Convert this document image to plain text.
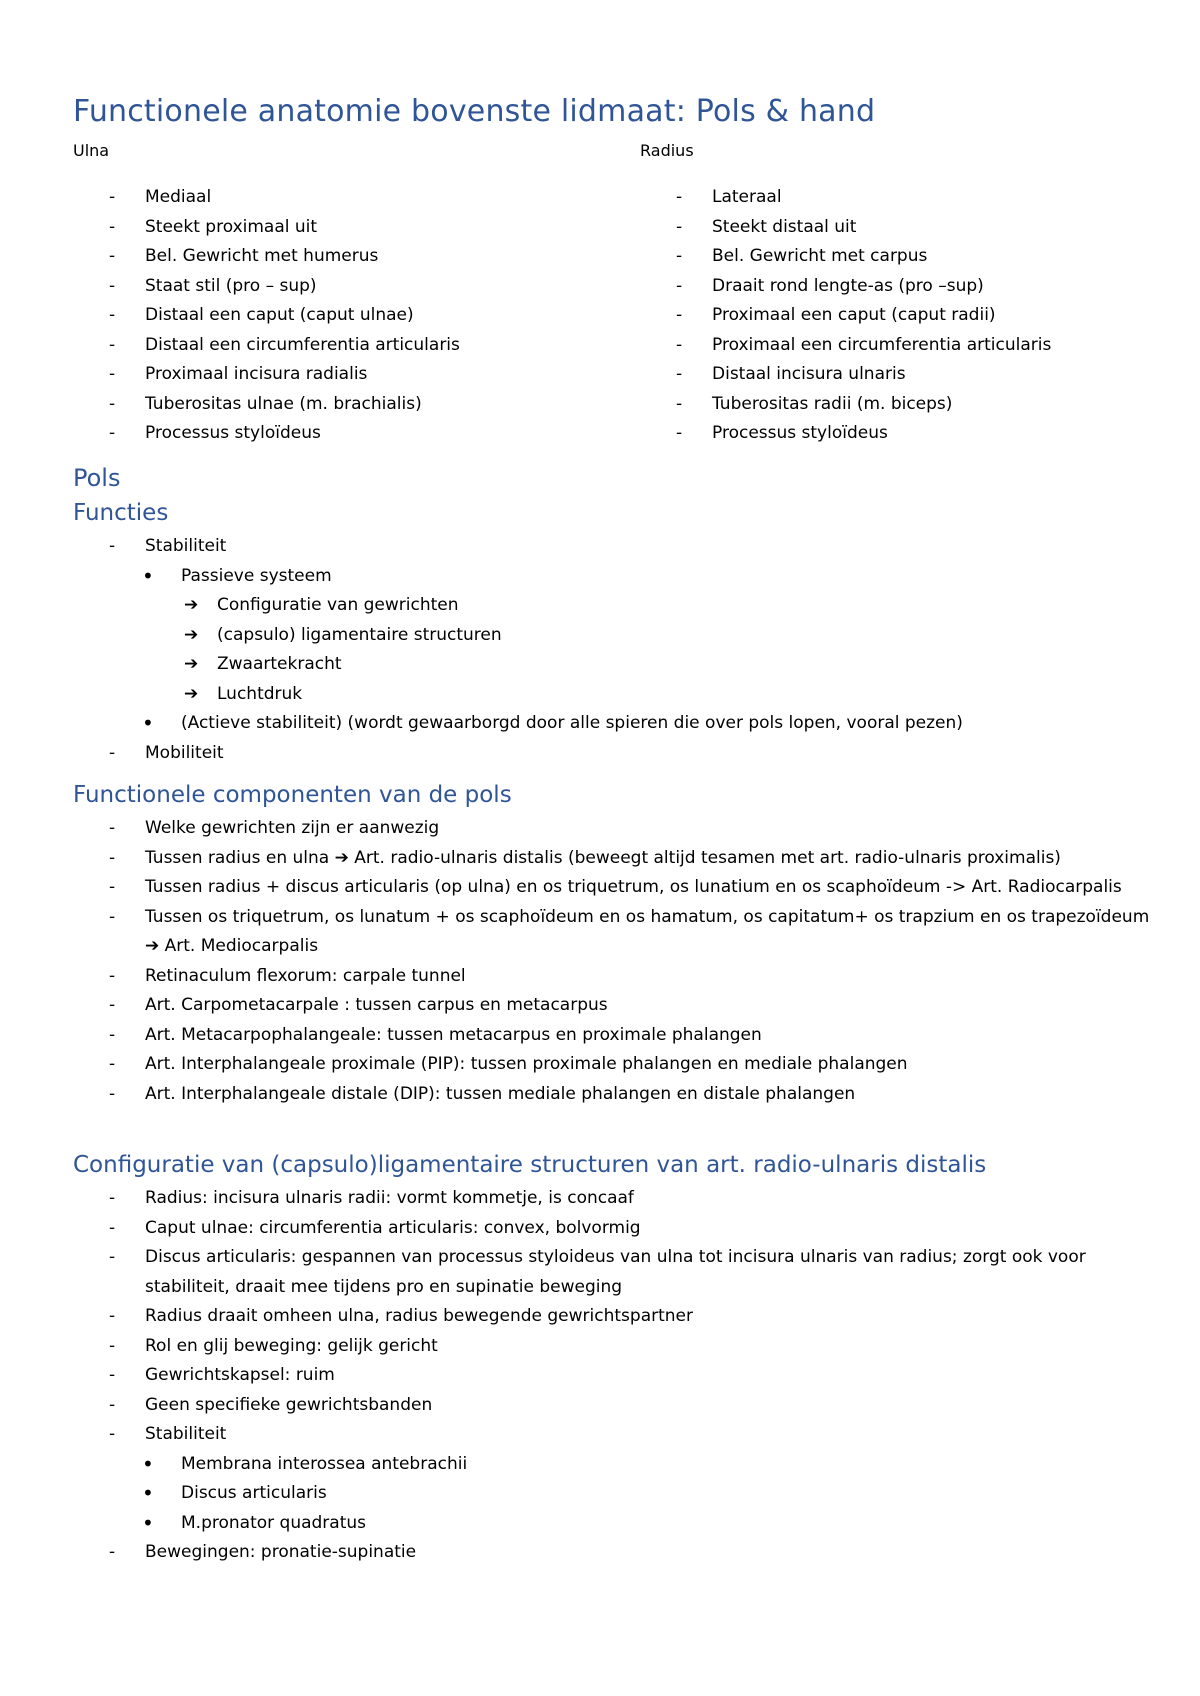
Functionele anatomie bovenste lidmaat: Pols & hand
Ulna	Radius
- Mediaal
- Steekt proximaal uit
- Bel. Gewricht met humerus
- Staat stil (pro – sup)
- Distaal een caput (caput ulnae)
- Distaal een circumferentia articularis
- Proximaal incisura radialis
- Tuberositas ulnae (m. brachialis)
- Processus styloïdeus
- Lateraal
- Steekt distaal uit
- Bel. Gewricht met carpus
- Draait rond lengte-as (pro –sup)
- Proximaal een caput (caput radii)
- Proximaal een circumferentia articularis
- Distaal incisura ulnaris
- Tuberositas radii (m. biceps)
- Processus styloïdeus
Pols
Functies
- Stabiliteit
• Passieve systeem
➔ Configuratie van gewrichten
➔ (capsulo) ligamentaire structuren
➔ Zwaartekracht
➔ Luchtdruk
• (Actieve stabiliteit) (wordt gewaarborgd door alle spieren die over pols lopen, vooral pezen)
- Mobiliteit
Functionele componenten van de pols
- Welke gewrichten zijn er aanwezig
- Tussen radius en ulna ➔ Art. radio-ulnaris distalis (beweegt altijd tesamen met art. radio-ulnaris proximalis)
- Tussen radius + discus articularis (op ulna) en os triquetrum, os lunatium en os scaphoïdeum -> Art. Radiocarpalis
- Tussen os triquetrum, os lunatum + os scaphoïdeum en os hamatum, os capitatum+ os trapzium en os trapezoïdeum ➔ Art. Mediocarpalis
- Retinaculum flexorum: carpale tunnel
- Art. Carpometacarpale : tussen carpus en metacarpus
- Art. Metacarpophalangeale: tussen metacarpus en proximale phalangen
- Art. Interphalangeale proximale (PIP): tussen proximale phalangen en mediale phalangen
- Art. Interphalangeale distale (DIP): tussen mediale phalangen en distale phalangen
Configuratie van (capsulo)ligamentaire structuren van art. radio-ulnaris distalis
- Radius: incisura ulnaris radii: vormt kommetje, is concaaf
- Caput ulnae: circumferentia articularis: convex, bolvormig
- Discus articularis: gespannen van processus styloideus van ulna tot incisura ulnaris van radius; zorgt ook voor stabiliteit, draait mee tijdens pro en supinatie beweging
- Radius draait omheen ulna, radius bewegende gewrichtspartner
- Rol en glij beweging: gelijk gericht
- Gewrichtskapsel: ruim
- Geen specifieke gewrichtsbanden
- Stabiliteit
• Membrana interossea antebrachii
• Discus articularis
• M.pronator quadratus
- Bewegingen: pronatie-supinatie
